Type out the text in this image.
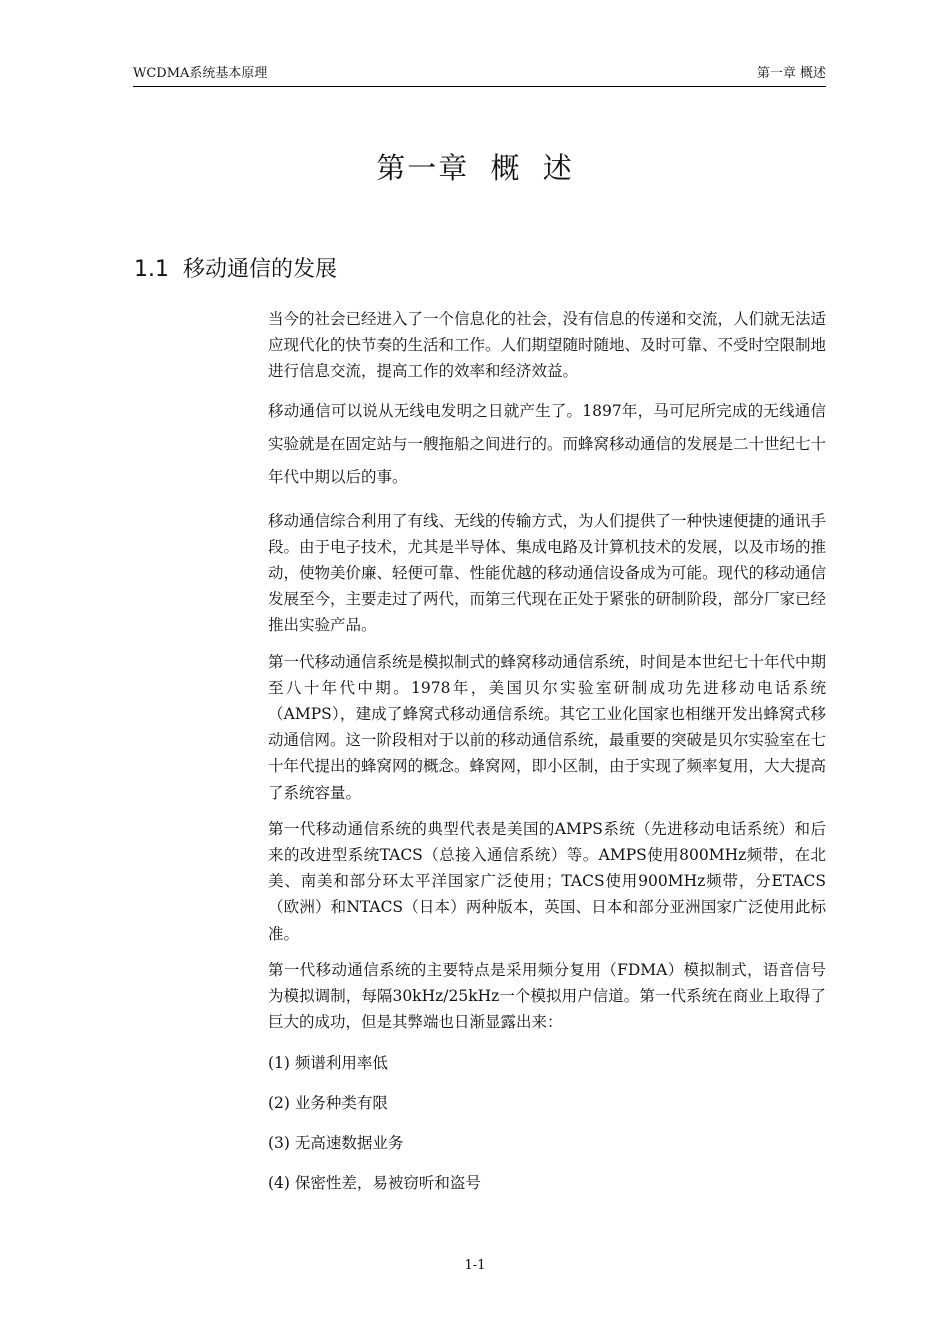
WCDMA系统基本原理	第一章 概述
第一章 概 述
1.1 移动通信的发展

当今的社会已经进入了一个信息化的社会，没有信息的传递和交流，人们就无法适应现代化的快节奏的生活和工作。人们期望随时随地、及时可靠、不受时空限制地进行信息交流，提高工作的效率和经济效益。

移动通信可以说从无线电发明之日就产生了。1897年，马可尼所完成的无线通信实验就是在固定站与一艘拖船之间进行的。而蜂窝移动通信的发展是二十世纪七十年代中期以后的事。

移动通信综合利用了有线、无线的传输方式，为人们提供了一种快速便捷的通讯手段。由于电子技术，尤其是半导体、集成电路及计算机技术的发展，以及市场的推动，使物美价廉、轻便可靠、性能优越的移动通信设备成为可能。现代的移动通信发展至今，主要走过了两代，而第三代现在正处于紧张的研制阶段，部分厂家已经推出实验产品。

第一代移动通信系统是模拟制式的蜂窝移动通信系统，时间是本世纪七十年代中期至八十年代中期。1978年，美国贝尔实验室研制成功先进移动电话系统（AMPS），建成了蜂窝式移动通信系统。其它工业化国家也相继开发出蜂窝式移动通信网。这一阶段相对于以前的移动通信系统，最重要的突破是贝尔实验室在七十年代提出的蜂窝网的概念。蜂窝网，即小区制，由于实现了频率复用，大大提高了系统容量。

第一代移动通信系统的典型代表是美国的AMPS系统（先进移动电话系统）和后来的改进型系统TACS（总接入通信系统）等。AMPS使用800MHz频带，在北美、南美和部分环太平洋国家广泛使用；TACS使用900MHz频带，分ETACS（欧洲）和NTACS（日本）两种版本，英国、日本和部分亚洲国家广泛使用此标准。

第一代移动通信系统的主要特点是采用频分复用（FDMA）模拟制式，语音信号为模拟调制，每隔30kHz/25kHz一个模拟用户信道。第一代系统在商业上取得了巨大的成功，但是其弊端也日渐显露出来：

(1) 频谱利用率低
(2) 业务种类有限
(3) 无高速数据业务
(4) 保密性差，易被窃听和盗号
1-1
